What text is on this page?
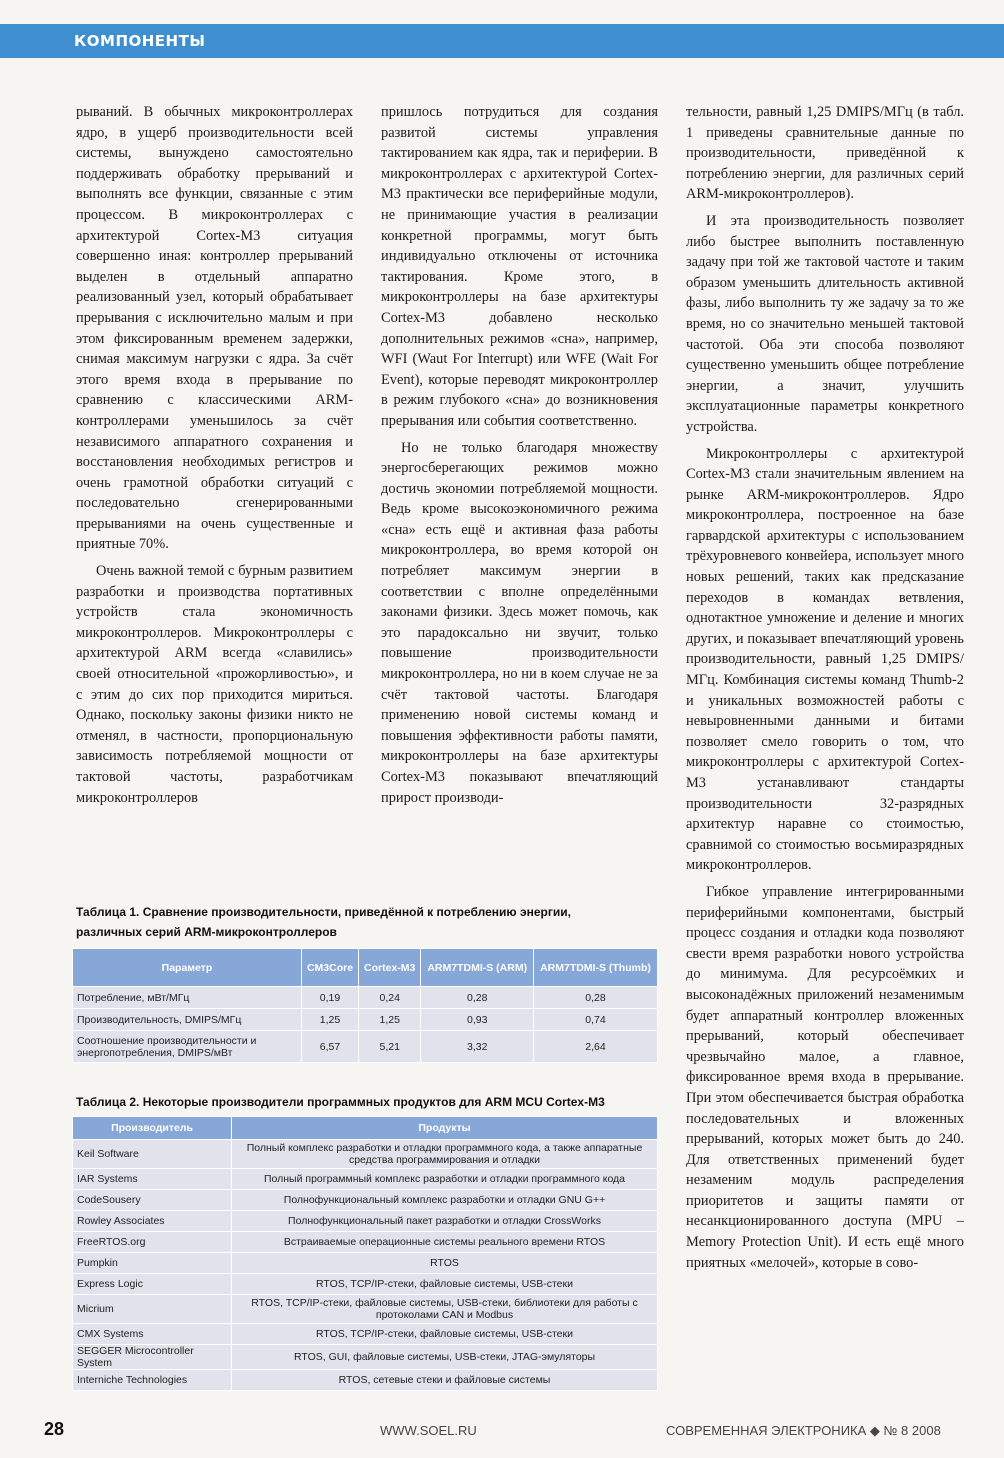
КОМПОНЕНТЫ

рываний. В обычных микроконтроллерах ядро, в ущерб производительности всей системы, вынуждено самостоятельно поддерживать обработку прерываний и выполнять все функции, связанные с этим процессом. В микроконтроллерах с архитектурой Cortex-M3 ситуация совершенно иная: контроллер прерываний выделен в отдельный аппаратно реализованный узел, который обрабатывает прерывания с исключительно малым и при этом фиксированным временем задержки, снимая максимум нагрузки с ядра. За счёт этого время входа в прерывание по сравнению с классическими ARM-контроллерами уменьшилось за счёт независимого аппаратного сохранения и восстановления необходимых регистров и очень грамотной обработки ситуаций с последовательно сгенерированными прерываниями на очень существенные и приятные 70%.

Очень важной темой с бурным развитием разработки и производства портативных устройств стала экономичность микроконтроллеров. Микроконтроллеры с архитектурой ARM всегда «славились» своей относительной «прожорливостью», и с этим до сих пор приходится мириться. Однако, поскольку законы физики никто не отменял, в частности, пропорциональную зависимость потребляемой мощности от тактовой частоты, разработчикам микроконтроллеров

пришлось потрудиться для создания развитой системы управления тактированием как ядра, так и периферии. В микроконтроллерах с архитектурой Cortex-M3 практически все периферийные модули, не принимающие участия в реализации конкретной программы, могут быть индивидуально отключены от источника тактирования. Кроме этого, в микроконтроллеры на базе архитектуры Cortex-M3 добавлено несколько дополнительных режимов «сна», например, WFI (Waut For Interrupt) или WFE (Wait For Event), которые переводят микроконтроллер в режим глубокого «сна» до возникновения прерывания или события соответственно.

Но не только благодаря множеству энергосберегающих режимов можно достичь экономии потребляемой мощности. Ведь кроме высокоэкономичного режима «сна» есть ещё и активная фаза работы микроконтроллера, во время которой он потребляет максимум энергии в соответствии с вполне определёнными законами физики. Здесь может помочь, как это парадоксально ни звучит, только повышение производительности микроконтроллера, но ни в коем случае не за счёт тактовой частоты. Благодаря применению новой системы команд и повышения эффективности работы памяти, микроконтроллеры на базе архитектуры Cortex-M3 показывают впечатляющий прирост производи-

тельности, равный 1,25 DMIPS/МГц (в табл. 1 приведены сравнительные данные по производительности, приведённой к потреблению энергии, для различных серий ARM-микроконтроллеров).

И эта производительность позволяет либо быстрее выполнить поставленную задачу при той же тактовой частоте и таким образом уменьшить длительность активной фазы, либо выполнить ту же задачу за то же время, но со значительно меньшей тактовой частотой. Оба эти способа позволяют существенно уменьшить общее потребление энергии, а значит, улучшить эксплуатационные параметры конкретного устройства.

Микроконтроллеры с архитектурой Cortex-M3 стали значительным явлением на рынке ARM-микроконтроллеров. Ядро микроконтроллера, построенное на базе гарвардской архитектуры с использованием трёхуровневого конвейера, использует много новых решений, таких как предсказание переходов в командах ветвления, однотактное умножение и деление и многих других, и показывает впечатляющий уровень производительности, равный 1,25 DMIPS/МГц. Комбинация системы команд Thumb-2 и уникальных возможностей работы с невыровненными данными и битами позволяет смело говорить о том, что микроконтроллеры с архитектурой Cortex-M3 устанавливают стандарты производительности 32-разрядных архитектур наравне со стоимостью, сравнимой со стоимостью восьмиразрядных микроконтроллеров.

Гибкое управление интегрированными периферийными компонентами, быстрый процесс создания и отладки кода позволяют свести время разработки нового устройства до минимума. Для ресурсоёмких и высоконадёжных приложений незаменимым будет аппаратный контроллер вложенных прерываний, который обеспечивает чрезвычайно малое, а главное, фиксированное время входа в прерывание. При этом обеспечивается быстрая обработка последовательных и вложенных прерываний, которых может быть до 240. Для ответственных применений будет незаменим модуль распределения приоритетов и защиты памяти от несанкционированного доступа (MPU – Memory Protection Unit). И есть ещё много приятных «мелочей», которые в сово-

Таблица 1. Сравнение производительности, приведённой к потреблению энергии, различных серий ARM-микроконтроллеров
Параметр	CM3Core	Cortex-M3	ARM7TDMI-S (ARM)	ARM7TDMI-S (Thumb)
Потребление, мВт/МГц	0,19	0,24	0,28	0,28
Производительность, DMIPS/МГц	1,25	1,25	0,93	0,74
Соотношение производительности и энергопотребления, DMIPS/мВт	6,57	5,21	3,32	2,64
Таблица 2. Некоторые производители программных продуктов для ARM MCU Cortex-M3
Производитель	Продукты
Keil Software	Полный комплекс разработки и отладки программного кода, а также аппаратные средства программирования и отладки
IAR Systems	Полный программный комплекс разработки и отладки программного кода
CodeSousery	Полнофункциональный комплекс разработки и отладки GNU G++
Rowley Associates	Полнофункциональный пакет разработки и отладки CrossWorks
FreeRTOS.org	Встраиваемые операционные системы реального времени RTOS
Pumpkin	RTOS
Express Logic	RTOS, TCP/IP-стеки, файловые системы, USB-стеки
Micrium	RTOS, TCP/IP-стеки, файловые системы, USB-стеки, библиотеки для работы с протоколами CAN и Modbus
CMX Systems	RTOS, TCP/IP-стеки, файловые системы, USB-стеки
SEGGER Microcontroller System	RTOS, GUI, файловые системы, USB-стеки, JTAG-эмуляторы
Interniche Technologies	RTOS, сетевые стеки и файловые системы
28	WWW.SOEL.RU	СОВРЕМЕННАЯ ЭЛЕКТРОНИКА ◆ № 8 2008
